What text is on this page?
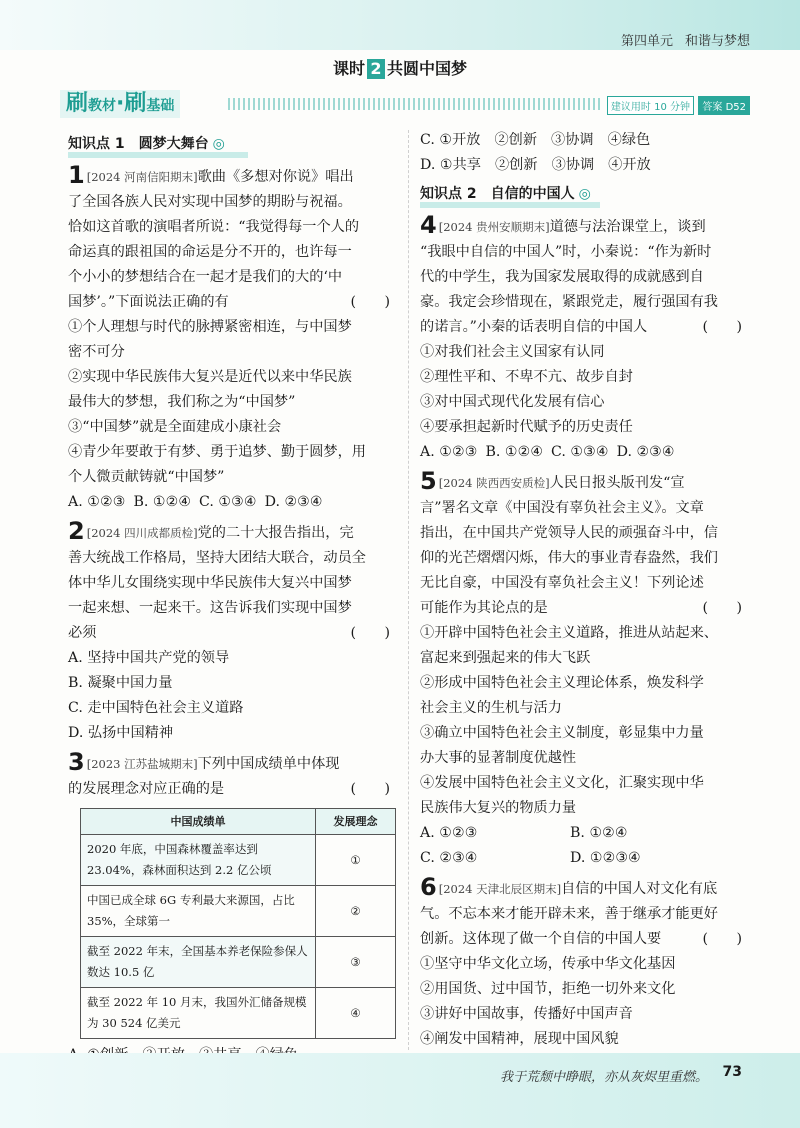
第四单元 和谐与梦想
课时 2 共圆中国梦
刷教材·刷基础	建议用时 10 分钟	答案 D52
知识点 1　圆梦大舞台 ◎
1 [2024 河南信阳期末]歌曲《多想对你说》唱出
了全国各族人民对实现中国梦的期盼与祝福。
恰如这首歌的演唱者所说：“我觉得每一个人的
命运真的跟祖国的命运是分不开的，也许每一
个小小的梦想结合在一起才是我们的大的‘中
国梦’。”下面说法正确的有	(　　)
①个人理想与时代的脉搏紧密相连，与中国梦
密不可分
②实现中华民族伟大复兴是近代以来中华民族
最伟大的梦想，我们称之为“中国梦”
③“中国梦”就是全面建成小康社会
④青少年要敢于有梦、勇于追梦、勤于圆梦，用
个人微贡献铸就“中国梦”
A. ①②③ B. ①②④ C. ①③④ D. ②③④
2 [2024 四川成都质检]党的二十大报告指出，完
善大统战工作格局，坚持大团结大联合，动员全
体中华儿女围绕实现中华民族伟大复兴中国梦
一起来想、一起来干。这告诉我们实现中国梦
必须	(　　)
A. 坚持中国共产党的领导
B. 凝聚中国力量
C. 走中国特色社会主义道路
D. 弘扬中国精神
3 [2023 江苏盐城期末]下列中国成绩单中体现
的发展理念对应正确的是	(　　)
中国成绩单	发展理念
2020 年底，中国森林覆盖率达到 23.04%，森林面积达到 2.2 亿公顷	①
中国已成全球 6G 专利最大来源国，占比 35%，全球第一	②
截至 2022 年末，全国基本养老保险参保人数达 10.5 亿	③
截至 2022 年 10 月末，我国外汇储备规模为 30 524 亿美元	④
C. ①开放 ②创新 ③协调 ④绿色
D. ①共享 ②创新 ③协调 ④开放
知识点 2　自信的中国人 ◎
4 [2024 贵州安顺期末]道德与法治课堂上，谈到
“我眼中自信的中国人”时，小秦说：“作为新时
代的中学生，我为国家发展取得的成就感到自
豪。我定会珍惜现在，紧跟党走，履行强国有我
的诺言。”小秦的话表明自信的中国人	(　　)
①对我们社会主义国家有认同
②理性平和、不卑不亢、故步自封
③对中国式现代化发展有信心
④要承担起新时代赋予的历史责任
A. ①②③ B. ①②④ C. ①③④ D. ②③④
5 [2024 陕西西安质检]人民日报头版刊发“宣
言”署名文章《中国没有辜负社会主义》。文章
指出，在中国共产党领导人民的顽强奋斗中，信
仰的光芒熠熠闪烁，伟大的事业青春盎然，我们
无比自豪，中国没有辜负社会主义！下列论述
可能作为其论点的是	(　　)
①开辟中国特色社会主义道路，推进从站起来、
富起来到强起来的伟大飞跃
②形成中国特色社会主义理论体系，焕发科学
社会主义的生机与活力
③确立中国特色社会主义制度，彰显集中力量
办大事的显著制度优越性
④发展中国特色社会主义文化，汇聚实现中华
民族伟大复兴的物质力量
A. ①②③	B. ①②④
C. ②③④	D. ①②③④
6 [2024 天津北辰区期末]自信的中国人对文化有底
气。不忘本来才能开辟未来，善于继承才能更好
创新。这体现了做一个自信的中国人要	(　　)
①坚守中华文化立场，传承中华文化基因
②用国货、过中国节，拒绝一切外来文化
③讲好中国故事，传播好中国声音
④阐发中国精神，展现中国风貌
我于荒颓中睁眼，亦从灰烬里重燃。 73
